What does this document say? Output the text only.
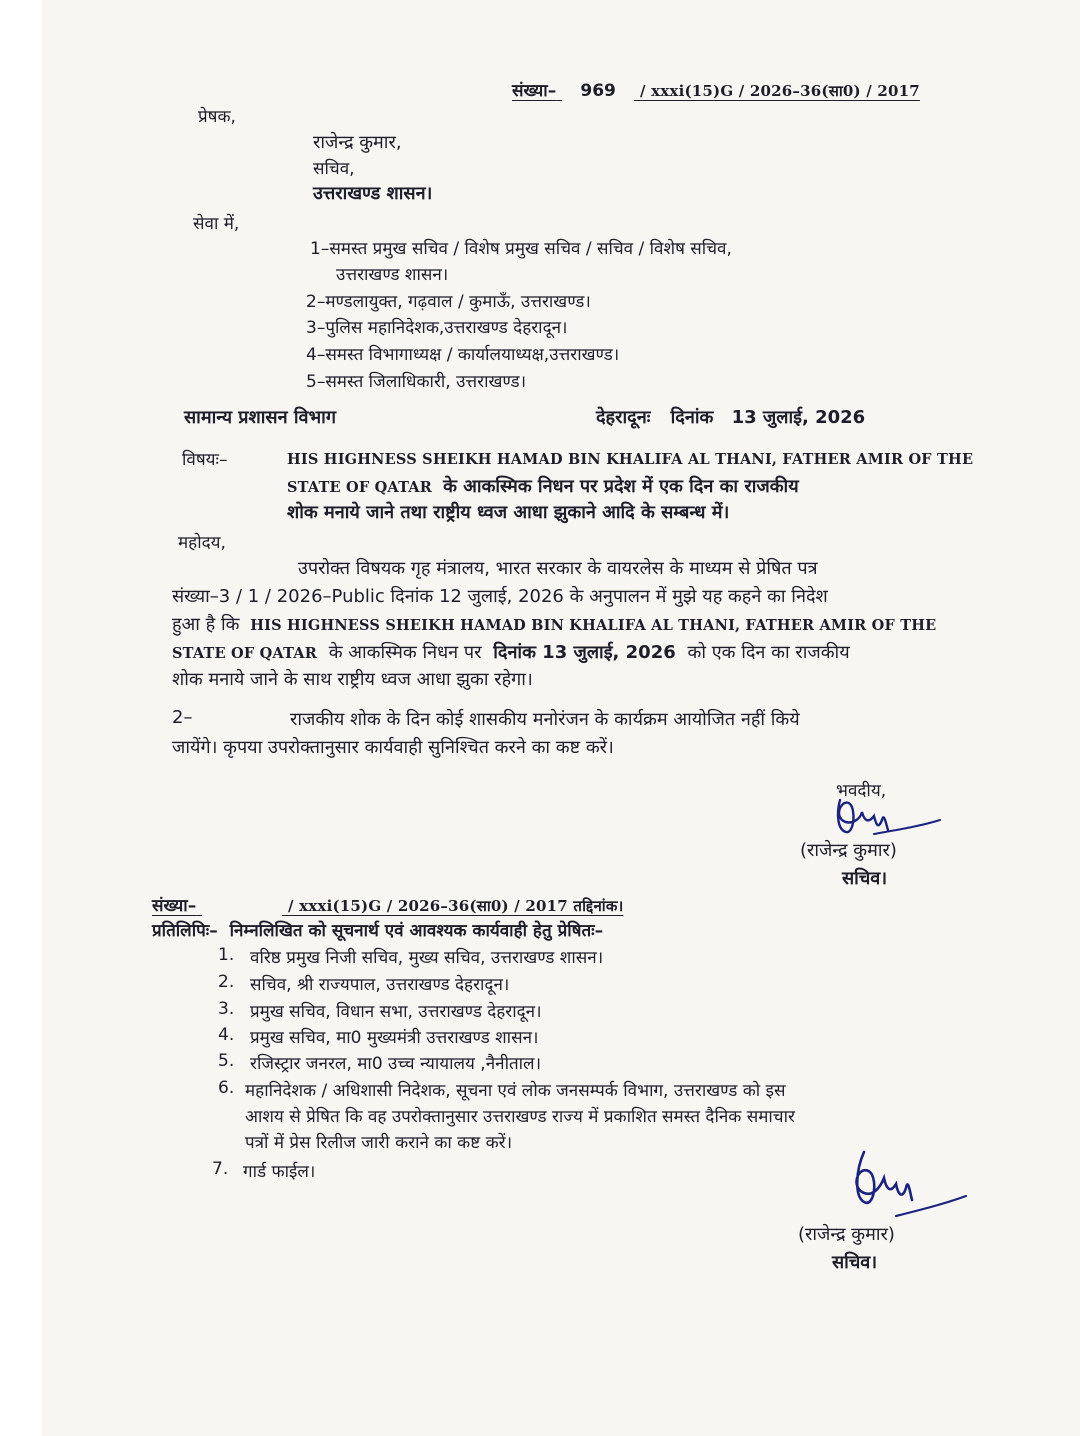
संख्या– 969 / xxxi(15)G / 2026–36(सा0) / 2017
प्रेषक,
राजेन्द्र कुमार,
सचिव,
उत्तराखण्ड शासन।
सेवा में,
1–समस्त प्रमुख सचिव / विशेष प्रमुख सचिव / सचिव / विशेष सचिव,
उत्तराखण्ड शासन।
2–मण्डलायुक्त, गढ़वाल / कुमाऊँ, उत्तराखण्ड।
3–पुलिस महानिदेशक,उत्तराखण्ड देहरादून।
4–समस्त विभागाध्यक्ष / कार्यालयाध्यक्ष,उत्तराखण्ड।
5–समस्त जिलाधिकारी, उत्तराखण्ड।
सामान्य प्रशासन विभाग	देहरादूनः दिनांक 13 जुलाई, 2026
विषयः–	HIS HIGHNESS SHEIKH HAMAD BIN KHALIFA AL THANI, FATHER AMIR OF THE
STATE OF QATAR के आकस्मिक निधन पर प्रदेश में एक दिन का राजकीय
शोक मनाये जाने तथा राष्ट्रीय ध्वज आधा झुकाने आदि के सम्बन्ध में।
महोदय,
उपरोक्त विषयक गृह मंत्रालय, भारत सरकार के वायरलेस के माध्यम से प्रेषित पत्र
संख्या–3 / 1 / 2026–Public दिनांक 12 जुलाई, 2026 के अनुपालन में मुझे यह कहने का निदेश
हुआ है कि HIS HIGHNESS SHEIKH HAMAD BIN KHALIFA AL THANI, FATHER AMIR OF THE
STATE OF QATAR के आकस्मिक निधन पर दिनांक 13 जुलाई, 2026 को एक दिन का राजकीय
शोक मनाये जाने के साथ राष्ट्रीय ध्वज आधा झुका रहेगा।
2–	राजकीय शोक के दिन कोई शासकीय मनोरंजन के कार्यक्रम आयोजित नहीं किये
जायेंगे। कृपया उपरोक्तानुसार कार्यवाही सुनिश्चित करने का कष्ट करें।
भवदीय,
(राजेन्द्र कुमार)
सचिव।
संख्या–	/ xxxi(15)G / 2026–36(सा0) / 2017 तद्दिनांक।
प्रतिलिपिः– निम्नलिखित को सूचनार्थ एवं आवश्यक कार्यवाही हेतु प्रेषितः–
1. वरिष्ठ प्रमुख निजी सचिव, मुख्य सचिव, उत्तराखण्ड शासन।
2. सचिव, श्री राज्यपाल, उत्तराखण्ड देहरादून।
3. प्रमुख सचिव, विधान सभा, उत्तराखण्ड देहरादून।
4. प्रमुख सचिव, मा0 मुख्यमंत्री उत्तराखण्ड शासन।
5. रजिस्ट्रार जनरल, मा0 उच्च न्यायालय ,नैनीताल।
6. महानिदेशक / अधिशासी निदेशक, सूचना एवं लोक जनसम्पर्क विभाग, उत्तराखण्ड को इस
आशय से प्रेषित कि वह उपरोक्तानुसार उत्तराखण्ड राज्य में प्रकाशित समस्त दैनिक समाचार
पत्रों में प्रेस रिलीज जारी कराने का कष्ट करें।
7. गार्ड फाईल।
(राजेन्द्र कुमार)
सचिव।
